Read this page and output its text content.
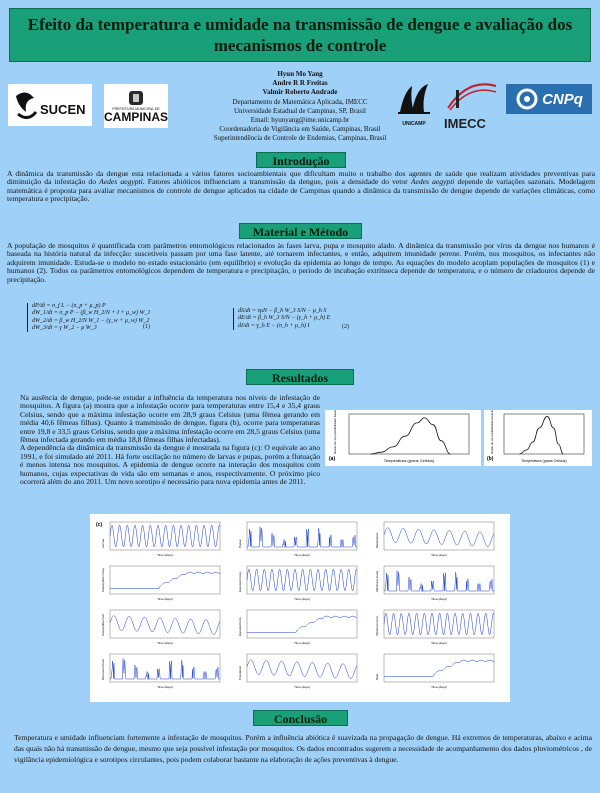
Efeito da temperatura e umidade na transmissão de dengue e avaliação dos mecanismos de controle
SUCEN	PREFEITURA MUNICIPAL DE
CAMPINAS	UNICAMP	IMECC
CNPq
Hyun Mo Yang
Andre R R Freitas
Valmir Roberto Andrade
Departamento de Matemática Aplicada, IMECC
Universidade Estadual de Campinas, SP, Brasil
Email: hyunyang@ime.unicamp.br
Coordenadoria de Vigilância em Saúde, Campinas, Brasil
Superintendência de Controle de Endemias, Campinas, Brasil
Introdução

A dinâmica da transmissão da dengue esta relacionada a vários fatores socioambientais que dificultam muito o trabalho dos agentes de saúde que realizam atividades preventivas para diminuição da infestação do Aedes aegypti. Fatores abióticos influenciam a transmissão da dengue, pois a densidade do vetor Aedes aegypti depende de variações sazonais. Modelagem matemática é proposta para avaliar mecanismos de controle de dengue aplicados na cidade de Campinas quando a dinâmica da transmissão de dengue depende de variações climáticas, como temperatura e precipitação.

Material e Método

A população de mosquitos é quantificada com parâmetros entomológicos relacionados às fases larva, pupa e mosquito alado. A dinâmica da transmissão por vírus da dengue nos humanos é baseada na história natural da infecção: suscetíveis passam por uma fase latente, até tornarem infectantes, e então, adquirem imunidade perene. Porém, nos mosquitos, os infectantes não adquirem imunidade. Estuda-se o modelo no estado estacionário (em equilíbrio) e evolução da epidemia ao longo de tempo. As equações do modelo acoplam populações de mosquitos (1) e humanos (2). Todos os parâmetros entomológicos dependem de temperatura e precipitação, o período de incubação extrínseca depende de temperatura, e o número de criadouros depende de precipitação.

dP/dt = σ_f L − (σ_p + μ_p) P
dW_1/dt = σ_p P − (β_w H_2/N + I + μ_w) W_1
dW_2/dt = β_w H_2/N W_1 − (γ_w + μ_w) W_2
dW_3/dt = γ W_2 − μ W_3	(1)
dS/dt = νμN − β_h W_3 S/N − μ_h S
dE/dt = β_h W_3 S/N − (γ_h + μ_h) E
dI/dt = γ_h E − (σ_h + μ_h) I	(2)
Resultados

Na ausência de dengue, pode-se estudar a influência da temperatura nos níveis de infestação de mosquitos. A figura (a) mostra que a infestação ocorre para temperaturas entre 15,4 e 35,4 graus Celsius, sendo que a máxima infestação ocorre em 28,9 graus Celsius (uma fêmea gerando em média 40,6 fêmeas filhas). Quanto à transmissão de dengue, figura (b), ocorre para temperaturas entre 19,8 e 33,5 graus Celsius, sendo que a máxima infestação ocorre em 28,5 graus Celsius (uma fêmea infectada gerando em média 18,8 fêmeas filhas infectadas).

A dependência da dinâmica da transmissão da dengue é mostrada na figura (c): O equivale ao ano 1991, e foi simulado até 2011. Há forte oscilação no número de larvas e pupas, porém a flutuação é menos intensa nos mosquitos. A epidemia de dengue ocorre na interação dos mosquitos com humanos, cujas expectativas de vida são em semanas e anos, respectivamente. O próximo pico ocorrerá além do ano 2011. Um novo sorotipo é necessário para nova epidemia antes de 2011.

Temperatura (graus Celsius)
(a)
Razão de reprodutibilidade basal de mosquitos (R0)
Temperatura (graus Celsius)
(b)
Razão de reprodutibilidade basal de dengue (R0)
(c)
Larvae
Time (days)
Pupae
Time (days)
Mosquitoes
Time (days)
Susceptible mosq.
Time (days)
Exposed mosq.
Time (days)
Infectious mosq.
Time (days)
Susceptible hum.
Time (days)
Exposed hum.
Time (days)
Infectious hum.
Time (days)
Recovered hum.
Time (days)
Population
Time (days)
Rate
Time (days)
Conclusão

Temperatura e umidade influenciam fortemente a infestação de mosquitos. Porém a influência abiótica é suavizada na propagação de dengue. Há extremos de temperaturas, abaixo e acima das quais não há transmissão de dengue, mesmo que seja possível infestação por mosquitos. Os dados encontrados sugerem a necessidade de acompanhamento dos dados pluviométricos , de vigilância epidemiológica e sorotipos circulantes, pois podem colaborar bastante na elaboração de ações preventivas à dengue.
